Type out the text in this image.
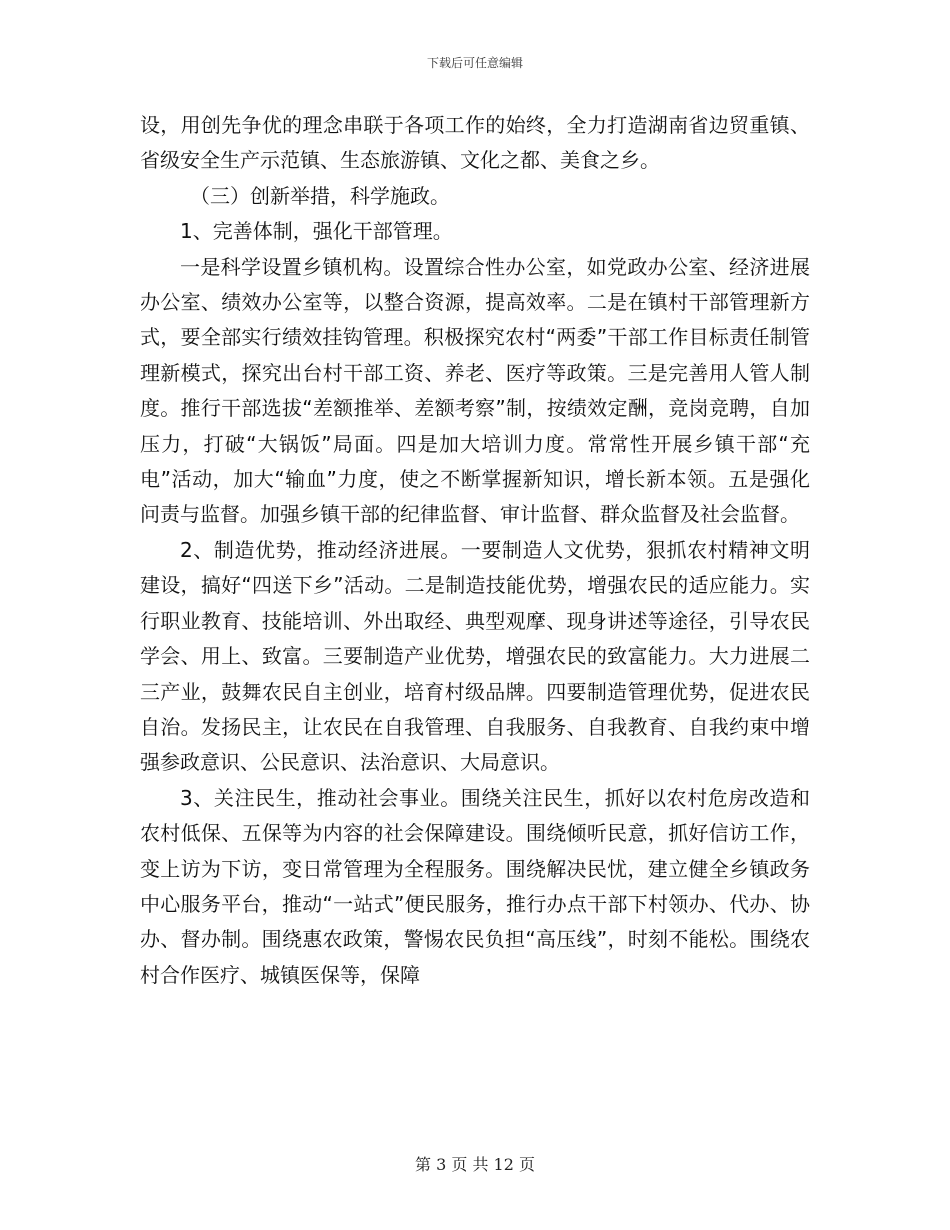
下载后可任意编辑

设，用创先争优的理念串联于各项工作的始终，全力打造湖南省边贸重镇、省级安全生产示范镇、生态旅游镇、文化之都、美食之乡。

（三）创新举措，科学施政。

1、完善体制，强化干部管理。

一是科学设置乡镇机构。设置综合性办公室，如党政办公室、经济进展办公室、绩效办公室等，以整合资源，提高效率。二是在镇村干部管理新方式，要全部实行绩效挂钩管理。积极探究农村“两委”干部工作目标责任制管理新模式，探究出台村干部工资、养老、医疗等政策。三是完善用人管人制度。推行干部选拔“差额推举、差额考察”制，按绩效定酬，竞岗竞聘，自加压力，打破“大锅饭”局面。四是加大培训力度。常常性开展乡镇干部“充电”活动，加大“输血”力度，使之不断掌握新知识，增长新本领。五是强化问责与监督。加强乡镇干部的纪律监督、审计监督、群众监督及社会监督。

2、制造优势，推动经济进展。一要制造人文优势，狠抓农村精神文明建设，搞好“四送下乡”活动。二是制造技能优势，增强农民的适应能力。实行职业教育、技能培训、外出取经、典型观摩、现身讲述等途径，引导农民学会、用上、致富。三要制造产业优势，增强农民的致富能力。大力进展二三产业，鼓舞农民自主创业，培育村级品牌。四要制造管理优势，促进农民自治。发扬民主，让农民在自我管理、自我服务、自我教育、自我约束中增强参政意识、公民意识、法治意识、大局意识。

3、关注民生，推动社会事业。围绕关注民生，抓好以农村危房改造和农村低保、五保等为内容的社会保障建设。围绕倾听民意，抓好信访工作，变上访为下访，变日常管理为全程服务。围绕解决民忧，建立健全乡镇政务中心服务平台，推动“一站式”便民服务，推行办点干部下村领办、代办、协办、督办制。围绕惠农政策，警惕农民负担“高压线”，时刻不能松。围绕农村合作医疗、城镇医保等，保障

第 3 页 共 12 页
